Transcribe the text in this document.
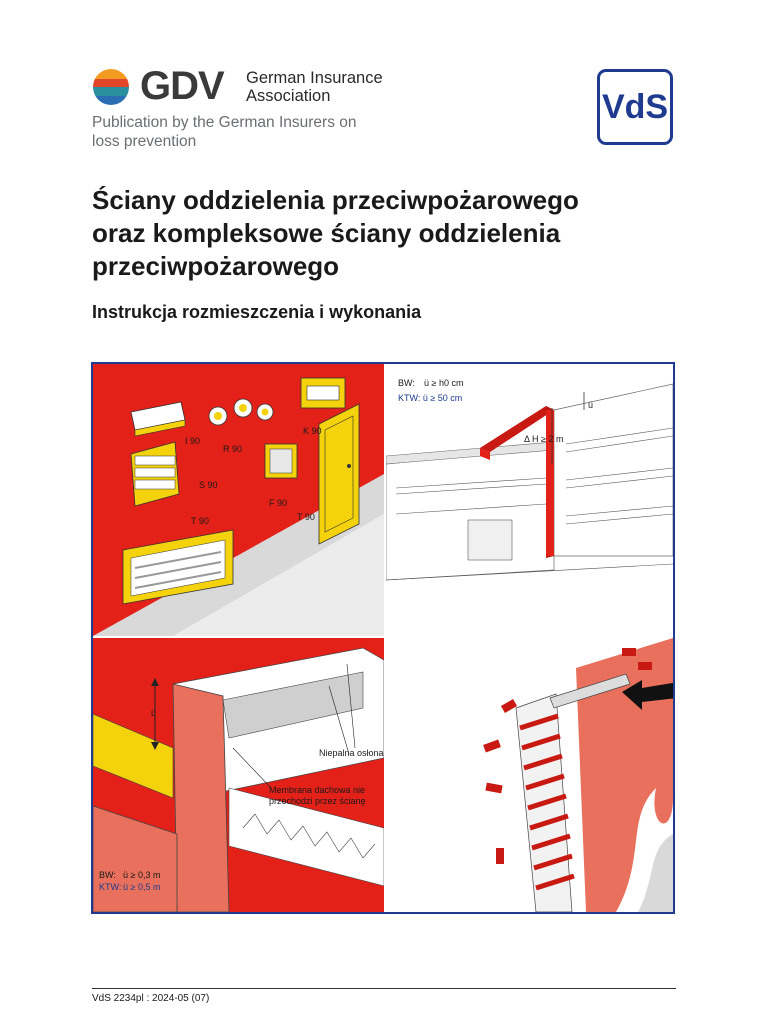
GDV German Insurance
Association
Publication by the German Insurers on
loss prevention
VdS
Ściany oddzielenia przeciwpożarowego
oraz kompleksowe ściany oddzielenia
przeciwpożarowego
Instrukcja rozmieszczenia i wykonania
I 90
R 90
K 90
S 90
F 90
T 90	T 90
BW: ü ≥ h0 cm
KTW: ü ≥ 50 cm
Δ H ≥ 2 m
ü
ü
Niepalna osłona
Membrana dachowa nie
przechodzi przez ścianę
BW: ü ≥ 0,3 m
KTW: ü ≥ 0,5 m
VdS 2234pl : 2024-05 (07)
